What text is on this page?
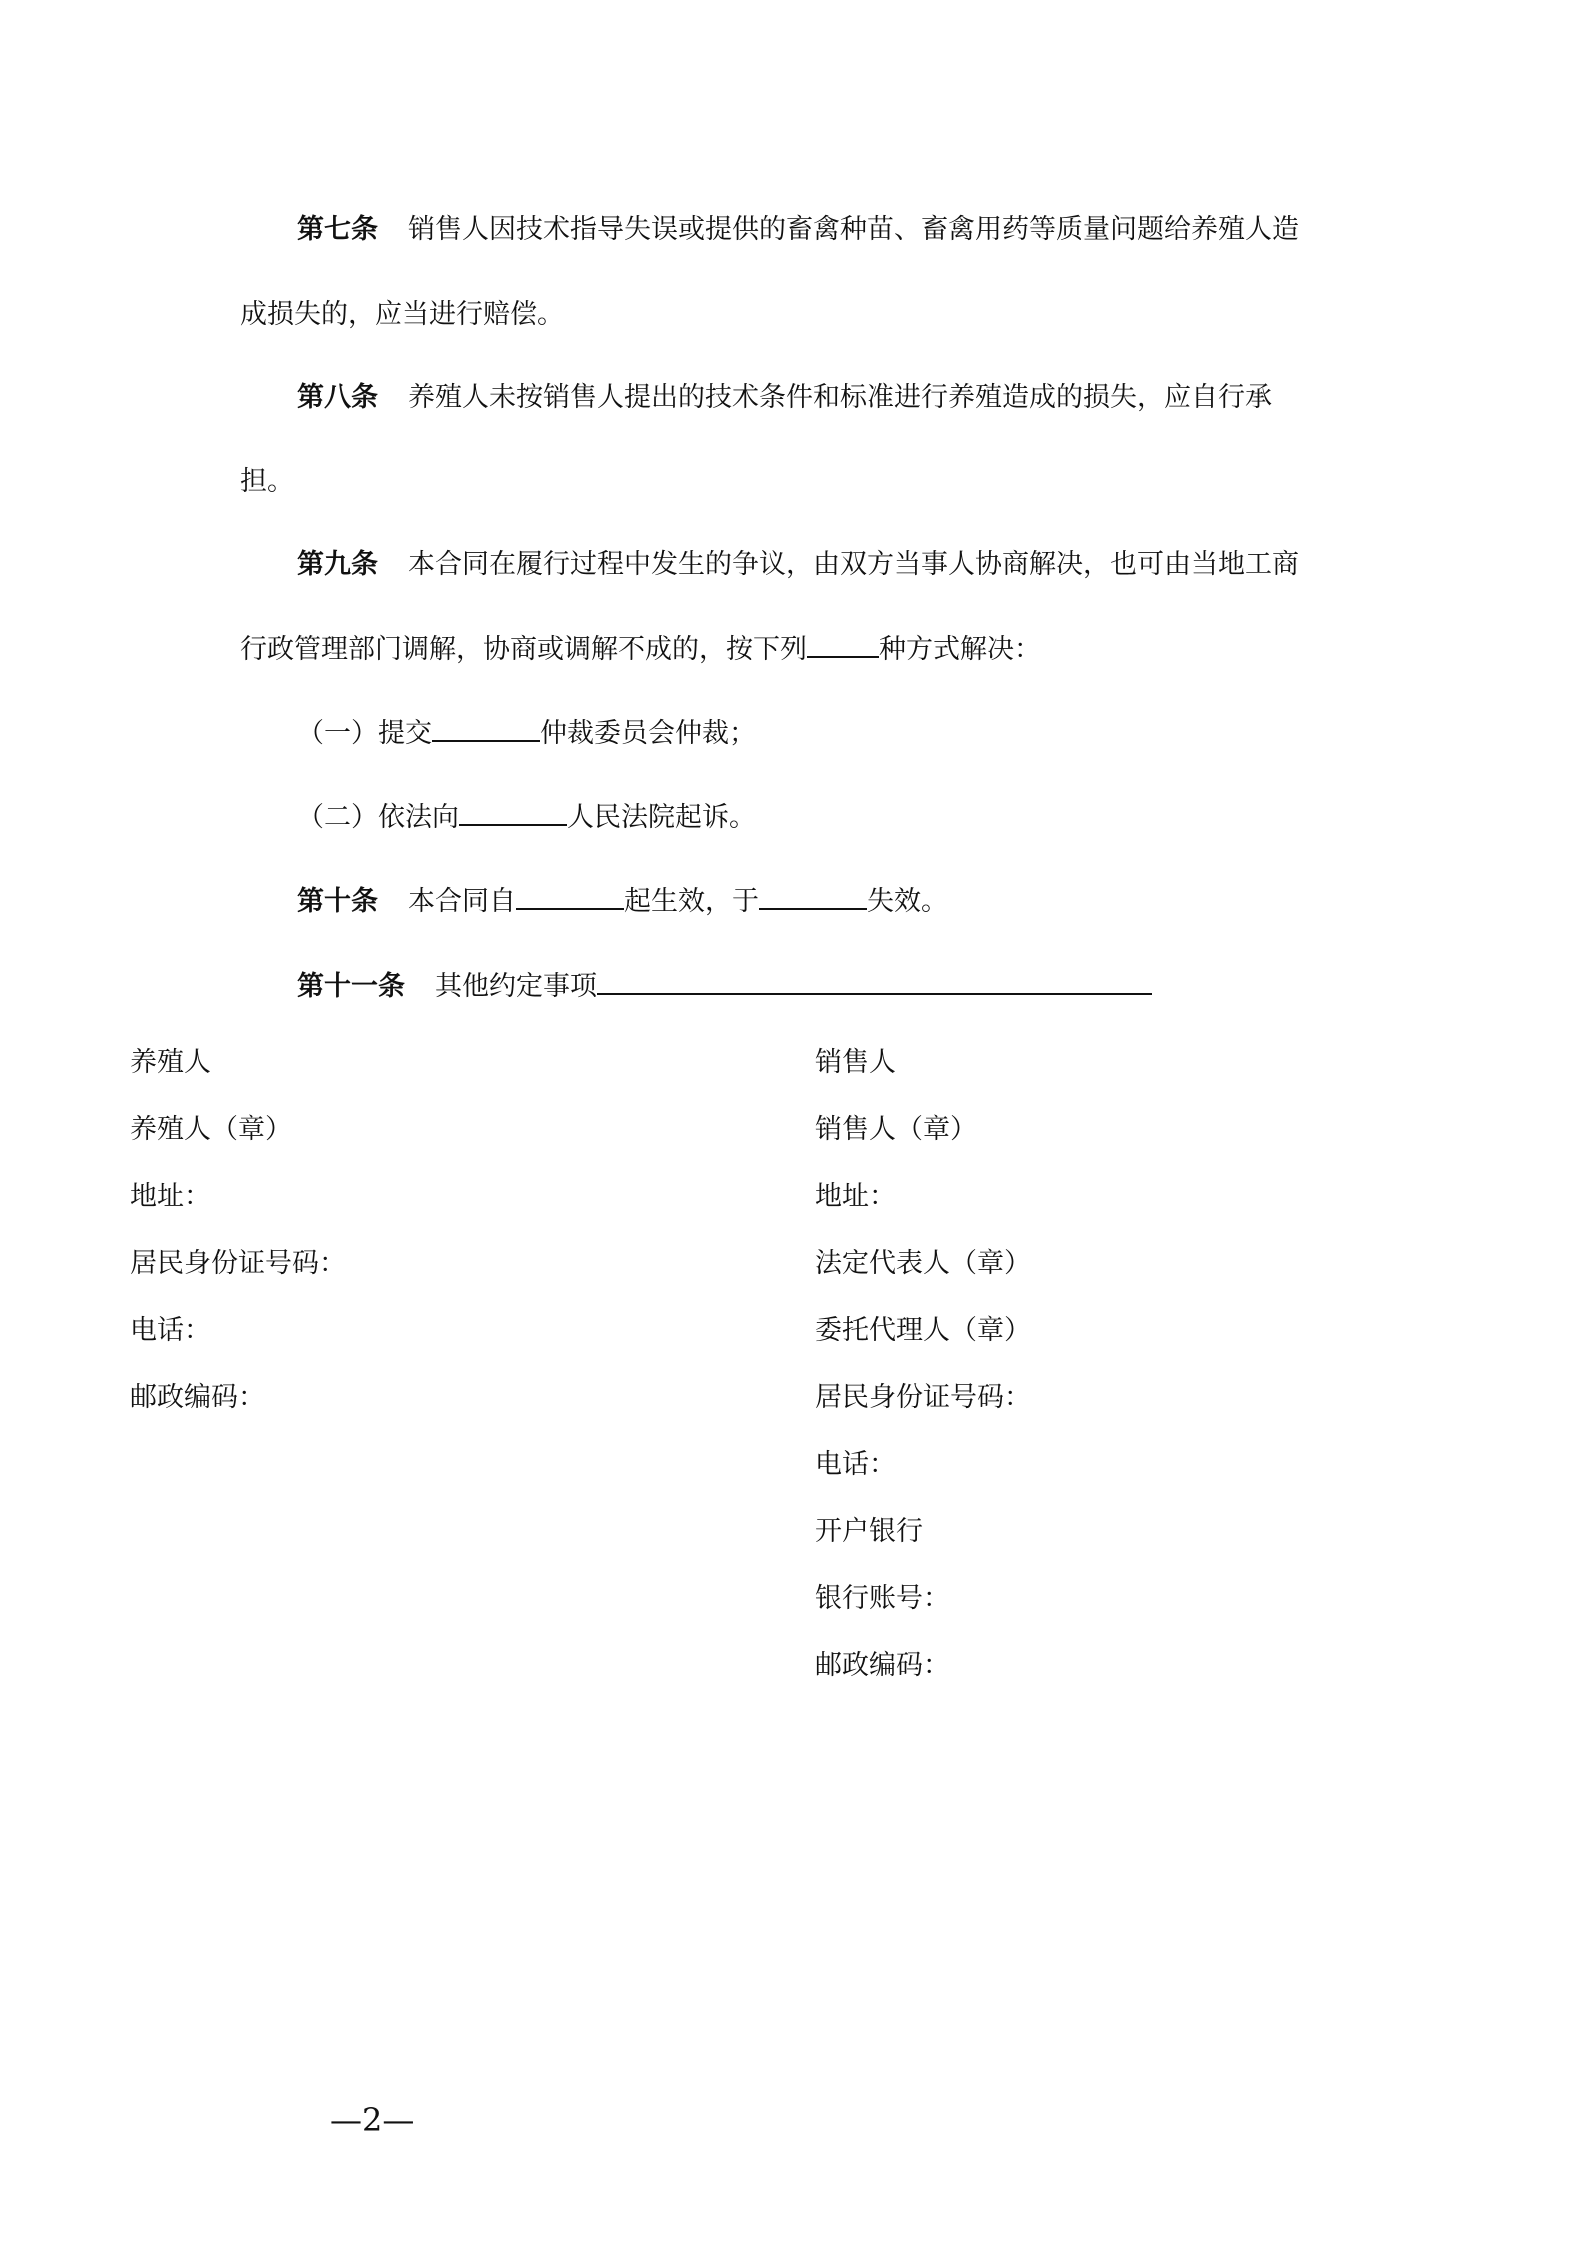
第七条 销售人因技术指导失误或提供的畜禽种苗、畜禽用药等质量问题给养殖人造
成损失的，应当进行赔偿。
第八条 养殖人未按销售人提出的技术条件和标准进行养殖造成的损失，应自行承
担。
第九条 本合同在履行过程中发生的争议，由双方当事人协商解决，也可由当地工商
行政管理部门调解，协商或调解不成的，按下列	种方式解决：
（一）提交	仲裁委员会仲裁；
（二）依法向	人民法院起诉。
第十条 本合同自	起生效，于	失效。
第十一条 其他约定事项
养殖人
养殖人（章）
地址：
居民身份证号码：
电话：
邮政编码：
销售人
销售人（章）
地址：
法定代表人（章）
委托代理人（章）
居民身份证号码：
电话：
开户银行
银行账号：
邮政编码：
—2—
